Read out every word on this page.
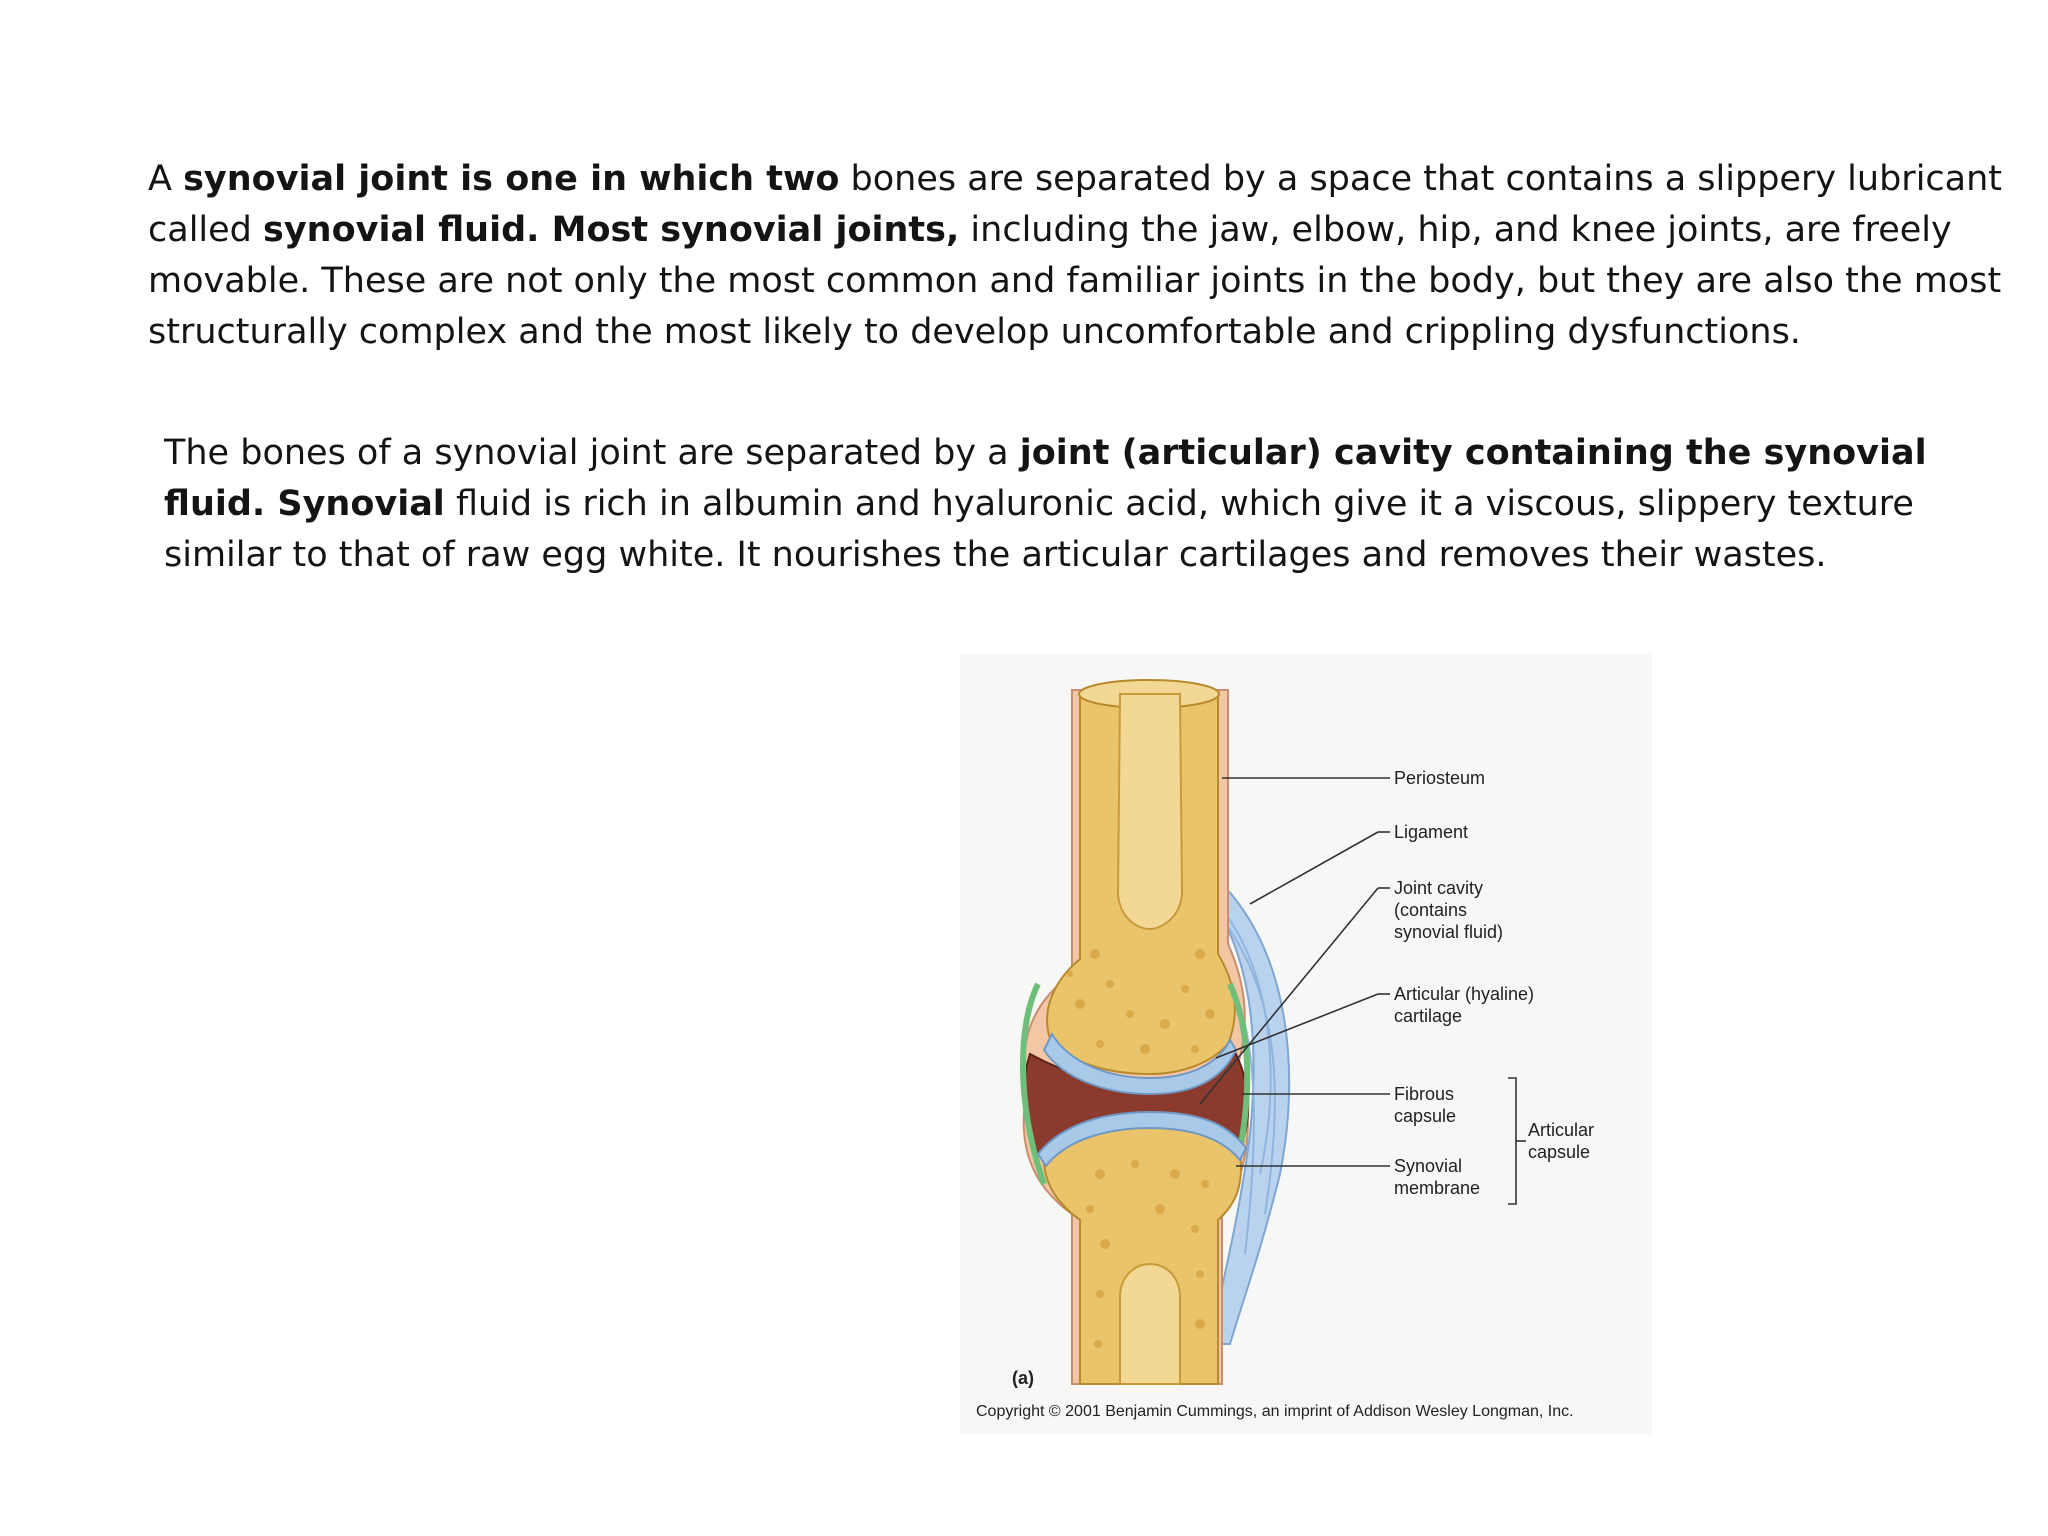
A synovial joint is one in which two bones are separated by a space that contains a slippery lubricant called synovial fluid. Most synovial joints, including the jaw, elbow, hip, and knee joints, are freely movable. These are not only the most common and familiar joints in the body, but they are also the most structurally complex and the most likely to develop uncomfortable and crippling dysfunctions.

The bones of a synovial joint are separated by a joint (articular) cavity containing the synovial fluid. Synovial fluid is rich in albumin and hyaluronic acid, which give it a viscous, slippery texture similar to that of raw egg white. It nourishes the articular cartilages and removes their wastes.

Periosteum
Ligament
Joint cavity
(contains
synovial fluid)
Articular (hyaline)
cartilage
Fibrous
capsule
Synovial
membrane
Articular
capsule
(a)
Copyright © 2001 Benjamin Cummings, an imprint of Addison Wesley Longman, Inc.
